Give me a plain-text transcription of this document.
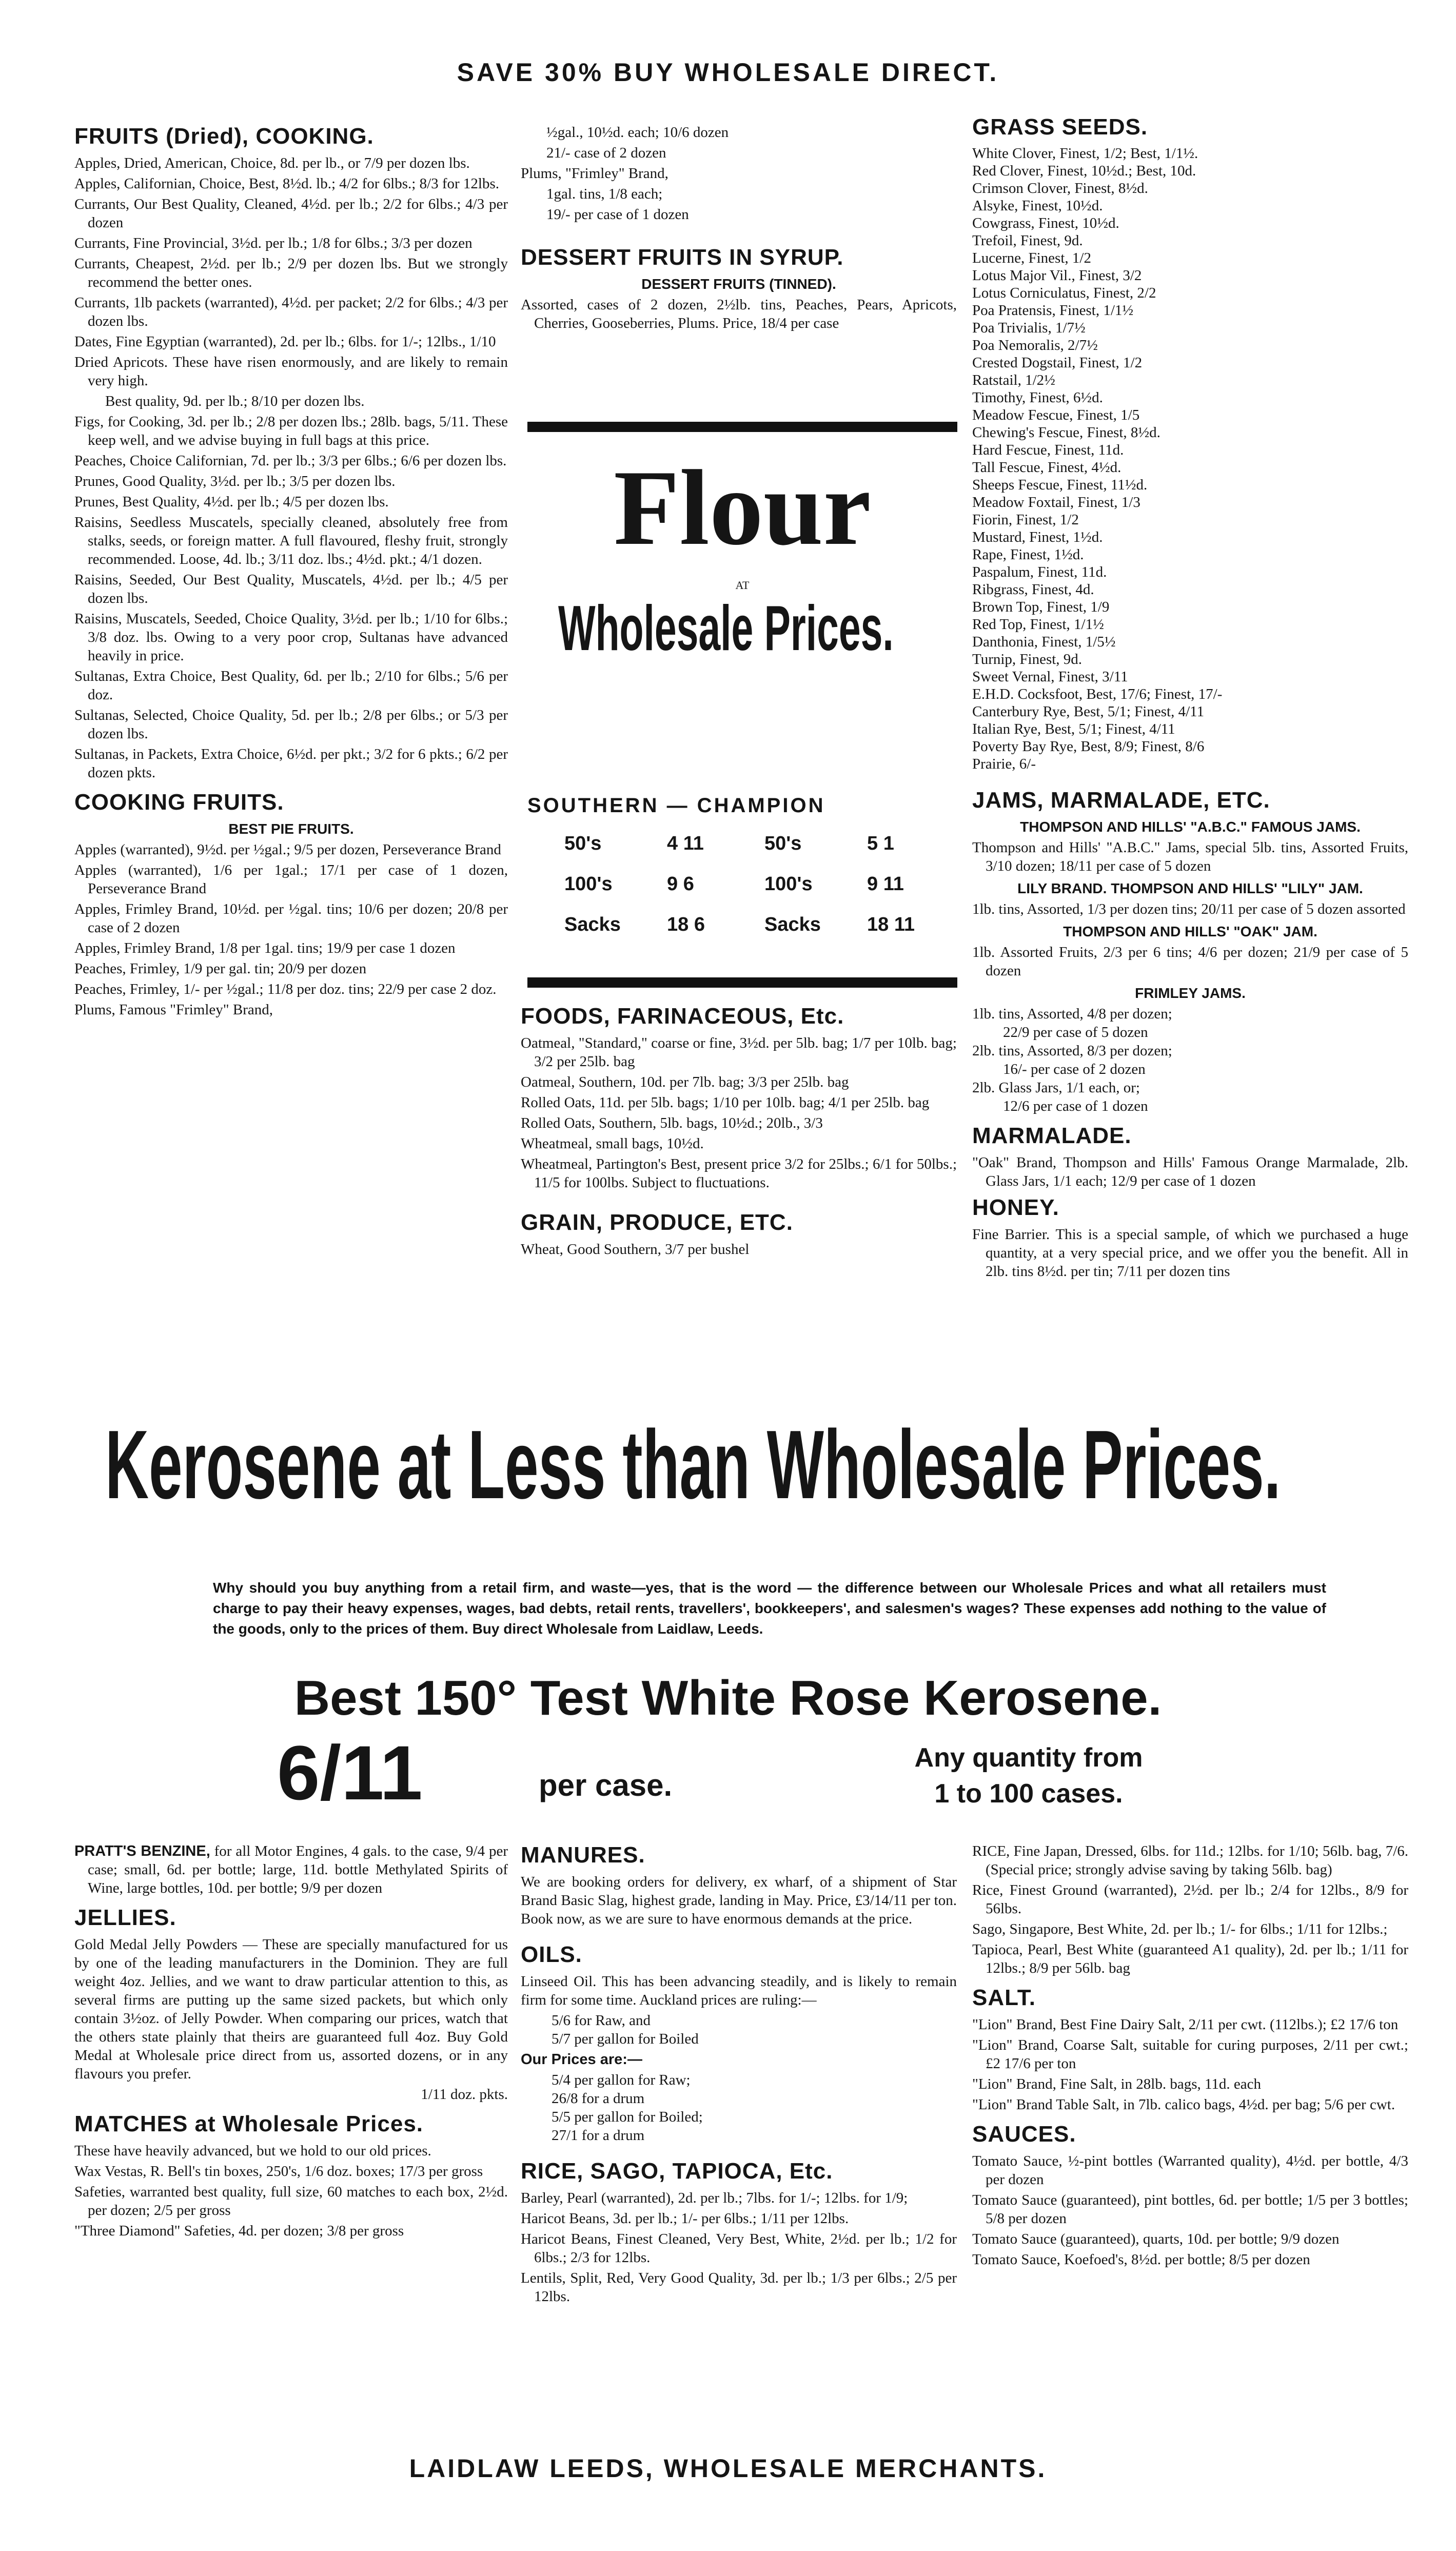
SAVE 30% BUY WHOLESALE DIRECT.
FRUITS (Dried), COOKING.

Apples, Dried, American, Choice, 8d. per lb., or 7/9 per dozen lbs.

Apples, Californian, Choice, Best, 8½d. lb.; 4/2 for 6lbs.; 8/3 for 12lbs.

Currants, Our Best Quality, Cleaned, 4½d. per lb.; 2/2 for 6lbs.; 4/3 per dozen

Currants, Fine Provincial, 3½d. per lb.; 1/8 for 6lbs.; 3/3 per dozen

Currants, Cheapest, 2½d. per lb.; 2/9 per dozen lbs. But we strongly recommend the better ones.

Currants, 1lb packets (warranted), 4½d. per packet; 2/2 for 6lbs.; 4/3 per dozen lbs.

Dates, Fine Egyptian (warranted), 2d. per lb.; 6lbs. for 1/-; 12lbs., 1/10

Dried Apricots. These have risen enormously, and are likely to remain very high.

Best quality, 9d. per lb.; 8/10 per dozen lbs.

Figs, for Cooking, 3d. per lb.; 2/8 per dozen lbs.; 28lb. bags, 5/11. These keep well, and we advise buying in full bags at this price.

Peaches, Choice Californian, 7d. per lb.; 3/3 per 6lbs.; 6/6 per dozen lbs.

Prunes, Good Quality, 3½d. per lb.; 3/5 per dozen lbs.

Prunes, Best Quality, 4½d. per lb.; 4/5 per dozen lbs.

Raisins, Seedless Muscatels, specially cleaned, absolutely free from stalks, seeds, or foreign matter. A full flavoured, fleshy fruit, strongly recommended. Loose, 4d. lb.; 3/11 doz. lbs.; 4½d. pkt.; 4/1 dozen.

Raisins, Seeded, Our Best Quality, Muscatels, 4½d. per lb.; 4/5 per dozen lbs.

Raisins, Muscatels, Seeded, Choice Quality, 3½d. per lb.; 1/10 for 6lbs.; 3/8 doz. lbs. Owing to a very poor crop, Sultanas have advanced heavily in price.

Sultanas, Extra Choice, Best Quality, 6d. per lb.; 2/10 for 6lbs.; 5/6 per doz.

Sultanas, Selected, Choice Quality, 5d. per lb.; 2/8 per 6lbs.; or 5/3 per dozen lbs.

Sultanas, in Packets, Extra Choice, 6½d. per pkt.; 3/2 for 6 pkts.; 6/2 per dozen pkts.

COOKING FRUITS.
BEST PIE FRUITS.

Apples (warranted), 9½d. per ½gal.; 9/5 per dozen, Perseverance Brand

Apples (warranted), 1/6 per 1gal.; 17/1 per case of 1 dozen, Perseverance Brand

Apples, Frimley Brand, 10½d. per ½gal. tins; 10/6 per dozen; 20/8 per case of 2 dozen

Apples, Frimley Brand, 1/8 per 1gal. tins; 19/9 per case 1 dozen

Peaches, Frimley, 1/9 per gal. tin; 20/9 per dozen

Peaches, Frimley, 1/- per ½gal.; 11/8 per doz. tins; 22/9 per case 2 doz.

Plums, Famous "Frimley" Brand,

½gal., 10½d. each; 10/6 dozen

21/- case of 2 dozen

Plums, "Frimley" Brand,

1gal. tins, 1/8 each;

19/- per case of 1 dozen

DESSERT FRUITS IN SYRUP.
DESSERT FRUITS (TINNED).

Assorted, cases of 2 dozen, 2½lb. tins, Peaches, Pears, Apricots, Cherries, Gooseberries, Plums. Price, 18/4 per case

Flour
AT
Wholesale Prices.
SOUTHERN — CHAMPION
50's	4 11	50's	5 1
100's	9 6	100's	9 11
Sacks	18 6	Sacks	18 11
FOODS, FARINACEOUS, Etc.

Oatmeal, "Standard," coarse or fine, 3½d. per 5lb. bag; 1/7 per 10lb. bag; 3/2 per 25lb. bag

Oatmeal, Southern, 10d. per 7lb. bag; 3/3 per 25lb. bag

Rolled Oats, 11d. per 5lb. bags; 1/10 per 10lb. bag; 4/1 per 25lb. bag

Rolled Oats, Southern, 5lb. bags, 10½d.; 20lb., 3/3

Wheatmeal, small bags, 10½d.

Wheatmeal, Partington's Best, present price 3/2 for 25lbs.; 6/1 for 50lbs.; 11/5 for 100lbs. Subject to fluctuations.

GRAIN, PRODUCE, ETC.

Wheat, Good Southern, 3/7 per bushel

GRASS SEEDS.

White Clover, Finest, 1/2; Best, 1/1½.

Red Clover, Finest, 10½d.; Best, 10d.

Crimson Clover, Finest, 8½d.

Alsyke, Finest, 10½d.

Cowgrass, Finest, 10½d.

Trefoil, Finest, 9d.

Lucerne, Finest, 1/2

Lotus Major Vil., Finest, 3/2

Lotus Corniculatus, Finest, 2/2

Poa Pratensis, Finest, 1/1½

Poa Trivialis, 1/7½

Poa Nemoralis, 2/7½

Crested Dogstail, Finest, 1/2

Ratstail, 1/2½

Timothy, Finest, 6½d.

Meadow Fescue, Finest, 1/5

Chewing's Fescue, Finest, 8½d.

Hard Fescue, Finest, 11d.

Tall Fescue, Finest, 4½d.

Sheeps Fescue, Finest, 11½d.

Meadow Foxtail, Finest, 1/3

Fiorin, Finest, 1/2

Mustard, Finest, 1½d.

Rape, Finest, 1½d.

Paspalum, Finest, 11d.

Ribgrass, Finest, 4d.

Brown Top, Finest, 1/9

Red Top, Finest, 1/1½

Danthonia, Finest, 1/5½

Turnip, Finest, 9d.

Sweet Vernal, Finest, 3/11

E.H.D. Cocksfoot, Best, 17/6; Finest, 17/-

Canterbury Rye, Best, 5/1; Finest, 4/11

Italian Rye, Best, 5/1; Finest, 4/11

Poverty Bay Rye, Best, 8/9; Finest, 8/6

Prairie, 6/-

JAMS, MARMALADE, ETC.
THOMPSON AND HILLS' "A.B.C." FAMOUS JAMS.

Thompson and Hills' "A.B.C." Jams, special 5lb. tins, Assorted Fruits, 3/10 dozen; 18/11 per case of 5 dozen

LILY BRAND. THOMPSON AND HILLS' "LILY" JAM.

1lb. tins, Assorted, 1/3 per dozen tins; 20/11 per case of 5 dozen assorted

THOMPSON AND HILLS' "OAK" JAM.

1lb. Assorted Fruits, 2/3 per 6 tins; 4/6 per dozen; 21/9 per case of 5 dozen

FRIMLEY JAMS.

1lb. tins, Assorted, 4/8 per dozen;

22/9 per case of 5 dozen

2lb. tins, Assorted, 8/3 per dozen;

16/- per case of 2 dozen

2lb. Glass Jars, 1/1 each, or;

12/6 per case of 1 dozen

MARMALADE.

"Oak" Brand, Thompson and Hills' Famous Orange Marmalade, 2lb. Glass Jars, 1/1 each; 12/9 per case of 1 dozen

HONEY.

Fine Barrier. This is a special sample, of which we purchased a huge quantity, at a very special price, and we offer you the benefit. All in 2lb. tins 8½d. per tin; 7/11 per dozen tins

Kerosene at Less than Wholesale Prices.
Why should you buy anything from a retail firm, and waste—yes, that is the word — the difference between our Wholesale Prices and what all retailers must charge to pay their heavy expenses, wages, bad debts, retail rents, travellers', bookkeepers', and salesmen's wages? These expenses add nothing to the value of the goods, only to the prices of them. Buy direct Wholesale from Laidlaw, Leeds.
Best 150° Test White Rose Kerosene.
6/11	per case.
Any quantity from
1 to 100 cases.

PRATT'S BENZINE, for all Motor Engines, 4 gals. to the case, 9/4 per case; small, 6d. per bottle; large, 11d. bottle Methylated Spirits of Wine, large bottles, 10d. per bottle; 9/9 per dozen

JELLIES.

Gold Medal Jelly Powders — These are specially manufactured for us by one of the leading manufacturers in the Dominion. They are full weight 4oz. Jellies, and we want to draw particular attention to this, as several firms are putting up the same sized packets, but which only contain 3½oz. of Jelly Powder. When comparing our prices, watch that the others state plainly that theirs are guaranteed full 4oz. Buy Gold Medal at Wholesale price direct from us, assorted dozens, or in any flavours you prefer.

1/11 doz. pkts.

MATCHES at Wholesale Prices.

These have heavily advanced, but we hold to our old prices.

Wax Vestas, R. Bell's tin boxes, 250's, 1/6 doz. boxes; 17/3 per gross

Safeties, warranted best quality, full size, 60 matches to each box, 2½d. per dozen; 2/5 per gross

"Three Diamond" Safeties, 4d. per dozen; 3/8 per gross

MANURES.

We are booking orders for delivery, ex wharf, of a shipment of Star Brand Basic Slag, highest grade, landing in May. Price, £3/14/11 per ton. Book now, as we are sure to have enormous demands at the price.

OILS.

Linseed Oil. This has been advancing steadily, and is likely to remain firm for some time. Auckland prices are ruling:—

5/6 for Raw, and

5/7 per gallon for Boiled

Our Prices are:—

5/4 per gallon for Raw;

26/8 for a drum

5/5 per gallon for Boiled;

27/1 for a drum

RICE, SAGO, TAPIOCA, Etc.

Barley, Pearl (warranted), 2d. per lb.; 7lbs. for 1/-; 12lbs. for 1/9;

Haricot Beans, 3d. per lb.; 1/- per 6lbs.; 1/11 per 12lbs.

Haricot Beans, Finest Cleaned, Very Best, White, 2½d. per lb.; 1/2 for 6lbs.; 2/3 for 12lbs.

Lentils, Split, Red, Very Good Quality, 3d. per lb.; 1/3 per 6lbs.; 2/5 per 12lbs.

RICE, Fine Japan, Dressed, 6lbs. for 11d.; 12lbs. for 1/10; 56lb. bag, 7/6. (Special price; strongly advise saving by taking 56lb. bag)

Rice, Finest Ground (warranted), 2½d. per lb.; 2/4 for 12lbs., 8/9 for 56lbs.

Sago, Singapore, Best White, 2d. per lb.; 1/- for 6lbs.; 1/11 for 12lbs.;

Tapioca, Pearl, Best White (guaranteed A1 quality), 2d. per lb.; 1/11 for 12lbs.; 8/9 per 56lb. bag

SALT.

"Lion" Brand, Best Fine Dairy Salt, 2/11 per cwt. (112lbs.); £2 17/6 ton

"Lion" Brand, Coarse Salt, suitable for curing purposes, 2/11 per cwt.; £2 17/6 per ton

"Lion" Brand, Fine Salt, in 28lb. bags, 11d. each

"Lion" Brand Table Salt, in 7lb. calico bags, 4½d. per bag; 5/6 per cwt.

SAUCES.

Tomato Sauce, ½-pint bottles (Warranted quality), 4½d. per bottle, 4/3 per dozen

Tomato Sauce (guaranteed), pint bottles, 6d. per bottle; 1/5 per 3 bottles; 5/8 per dozen

Tomato Sauce (guaranteed), quarts, 10d. per bottle; 9/9 dozen

Tomato Sauce, Koefoed's, 8½d. per bottle; 8/5 per dozen

LAIDLAW LEEDS, WHOLESALE MERCHANTS.
